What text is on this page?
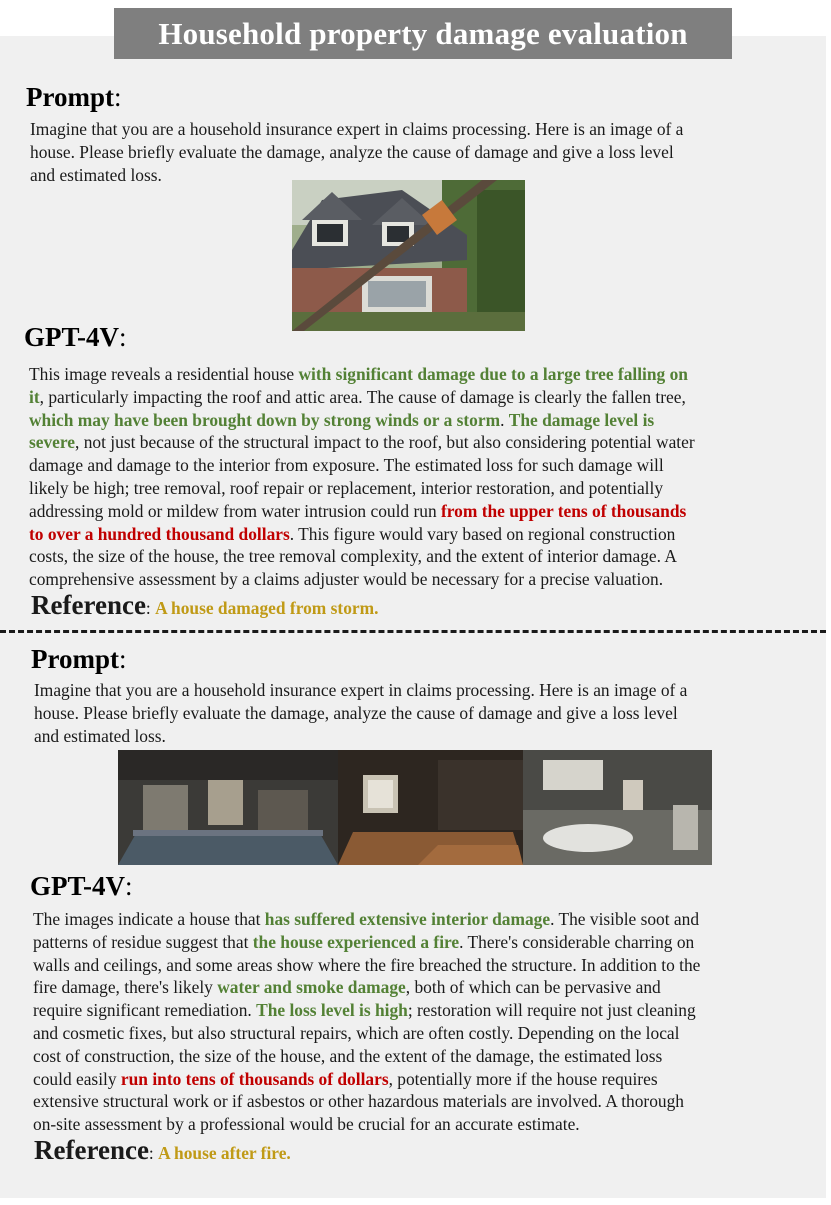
Household property damage evaluation
Prompt:
Imagine that you are a household insurance expert in claims processing. Here is an image of a
house. Please briefly evaluate the damage, analyze the cause of damage and give a loss level
and estimated loss.
GPT-4V:
This image reveals a residential house with significant damage due to a large tree falling on
it, particularly impacting the roof and attic area. The cause of damage is clearly the fallen tree,
which may have been brought down by strong winds or a storm. The damage level is
severe, not just because of the structural impact to the roof, but also considering potential water
damage and damage to the interior from exposure. The estimated loss for such damage will
likely be high; tree removal, roof repair or replacement, interior restoration, and potentially
addressing mold or mildew from water intrusion could run from the upper tens of thousands
to over a hundred thousand dollars. This figure would vary based on regional construction
costs, the size of the house, the tree removal complexity, and the extent of interior damage. A
comprehensive assessment by a claims adjuster would be necessary for a precise valuation.
Reference: A house damaged from storm.
Prompt:
Imagine that you are a household insurance expert in claims processing. Here is an image of a
house. Please briefly evaluate the damage, analyze the cause of damage and give a loss level
and estimated loss.
GPT-4V:
The images indicate a house that has suffered extensive interior damage. The visible soot and
patterns of residue suggest that the house experienced a fire. There's considerable charring on
walls and ceilings, and some areas show where the fire breached the structure. In addition to the
fire damage, there's likely water and smoke damage, both of which can be pervasive and
require significant remediation. The loss level is high; restoration will require not just cleaning
and cosmetic fixes, but also structural repairs, which are often costly. Depending on the local
cost of construction, the size of the house, and the extent of the damage, the estimated loss
could easily run into tens of thousands of dollars, potentially more if the house requires
extensive structural work or if asbestos or other hazardous materials are involved. A thorough
on-site assessment by a professional would be crucial for an accurate estimate.
Reference: A house after fire.
